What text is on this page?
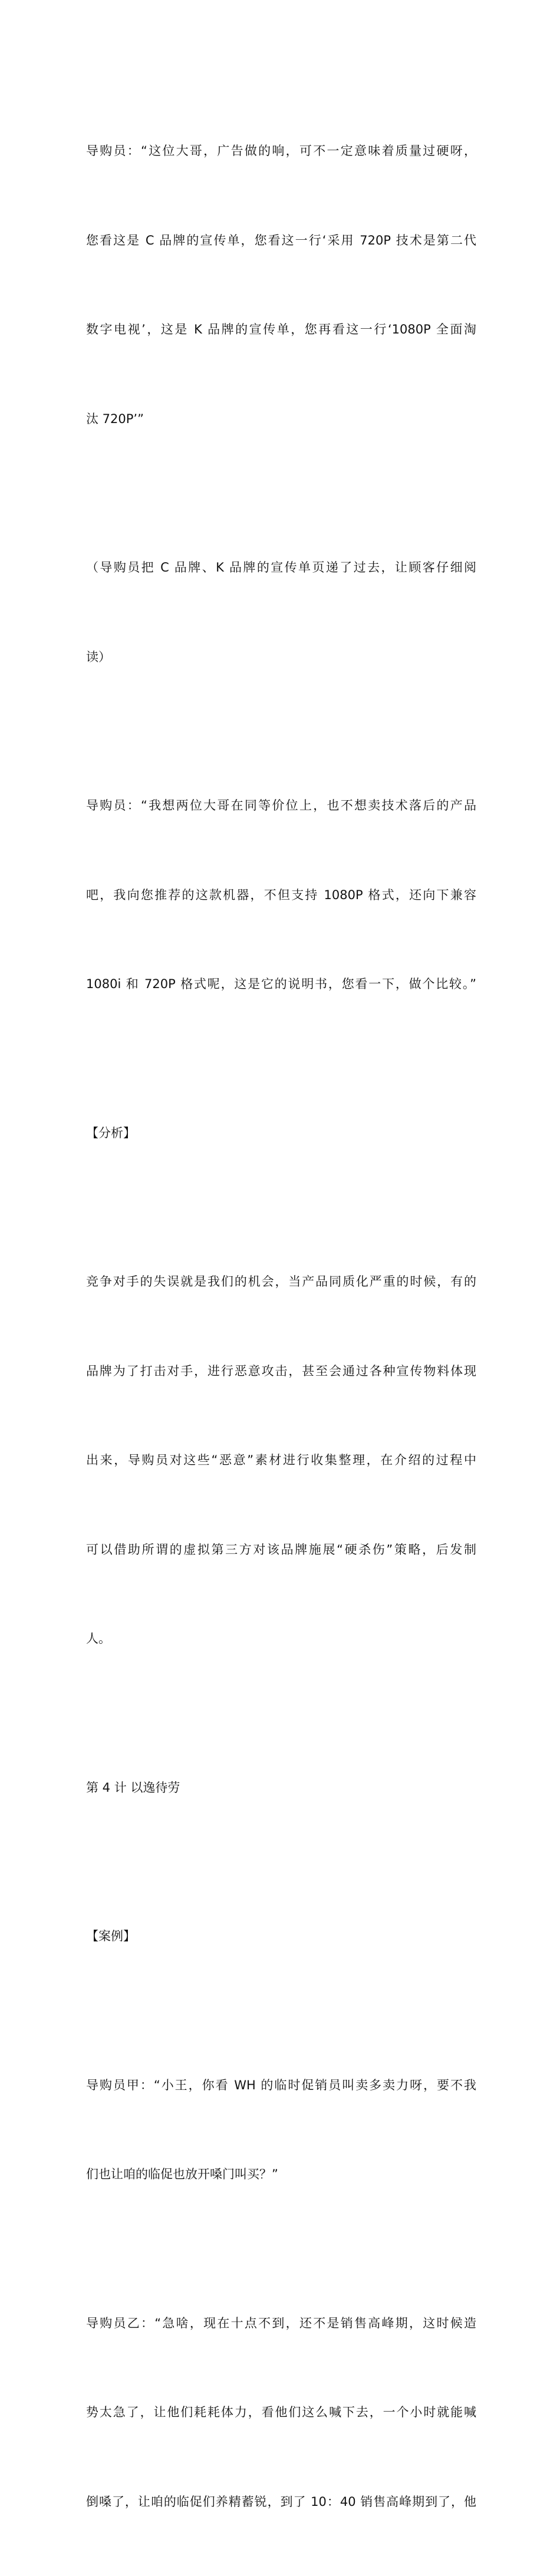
导购员：“这位大哥，广告做的响，可不一定意味着质量过硬呀，

您看这是 C 品牌的宣传单，您看这一行‘采用 720P 技术是第二代

数字电视’，这是 K 品牌的宣传单，您再看这一行‘1080P 全面淘

汰 720P’”

（导购员把 C 品牌、K 品牌的宣传单页递了过去，让顾客仔细阅

读）

导购员：“我想两位大哥在同等价位上，也不想卖技术落后的产品

吧，我向您推荐的这款机器，不但支持 1080P 格式，还向下兼容

1080i 和 720P 格式呢，这是它的说明书，您看一下，做个比较。”

【分析】

竞争对手的失误就是我们的机会，当产品同质化严重的时候，有的

品牌为了打击对手，进行恶意攻击，甚至会通过各种宣传物料体现

出来，导购员对这些“恶意”素材进行收集整理，在介绍的过程中

可以借助所谓的虚拟第三方对该品牌施展“硬杀伤”策略，后发制

人。

第 4 计 以逸待劳

【案例】

导购员甲：“小王，你看 WH 的临时促销员叫卖多卖力呀，要不我

们也让咱的临促也放开嗓门叫买？”

导购员乙：“急啥，现在十点不到，还不是销售高峰期，这时候造

势太急了，让他们耗耗体力，看他们这么喊下去，一个小时就能喊

倒嗓了，让咱的临促们养精蓄锐，到了 10：40 销售高峰期到了，他
